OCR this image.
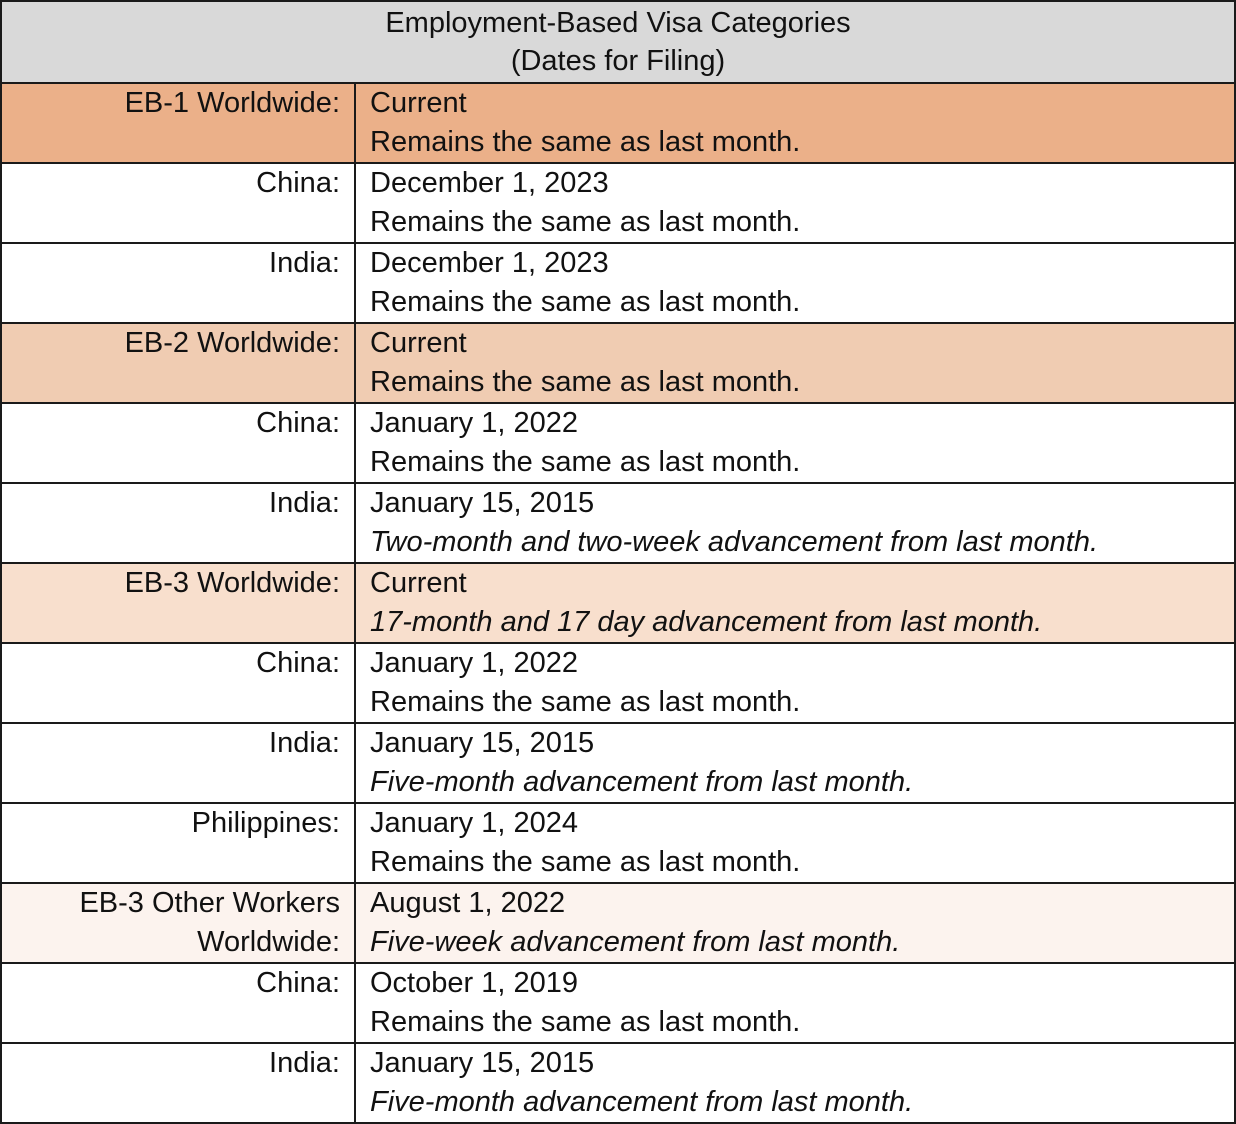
Employment-Based Visa Categories
(Dates for Filing)	

EB-1 Worldwide:	Current
Remains the same as last month.

China:	December 1, 2023
Remains the same as last month.

India:	December 1, 2023
Remains the same as last month.

EB-2 Worldwide:	Current
Remains the same as last month.

China:	January 1, 2022
Remains the same as last month.

India:	January 15, 2015
Two-month and two-week advancement from last month.

EB-3 Worldwide:	Current
17-month and 17 day advancement from last month.

China:	January 1, 2022
Remains the same as last month.

India:	January 15, 2015
Five-month advancement from last month.

Philippines:	January 1, 2024
Remains the same as last month.

EB-3 Other Workers
Worldwide:	August 1, 2022
Five-week advancement from last month.

China:	October 1, 2019
Remains the same as last month.

India:	January 15, 2015
Five-month advancement from last month.
